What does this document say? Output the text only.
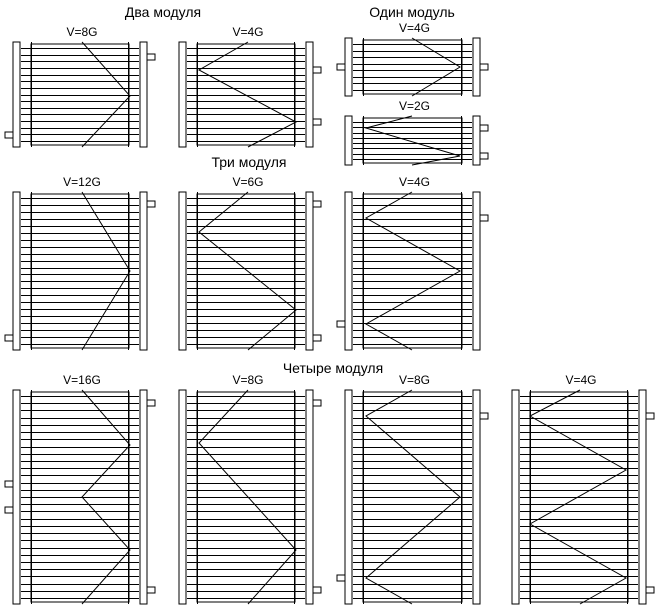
Два модуля	Один модуль
Три модуля
Четыре модуля
V=8G	V=4G	V=4G
V=2G
V=12G	V=6G	V=4G
V=16G	V=8G	V=8G	V=4G
